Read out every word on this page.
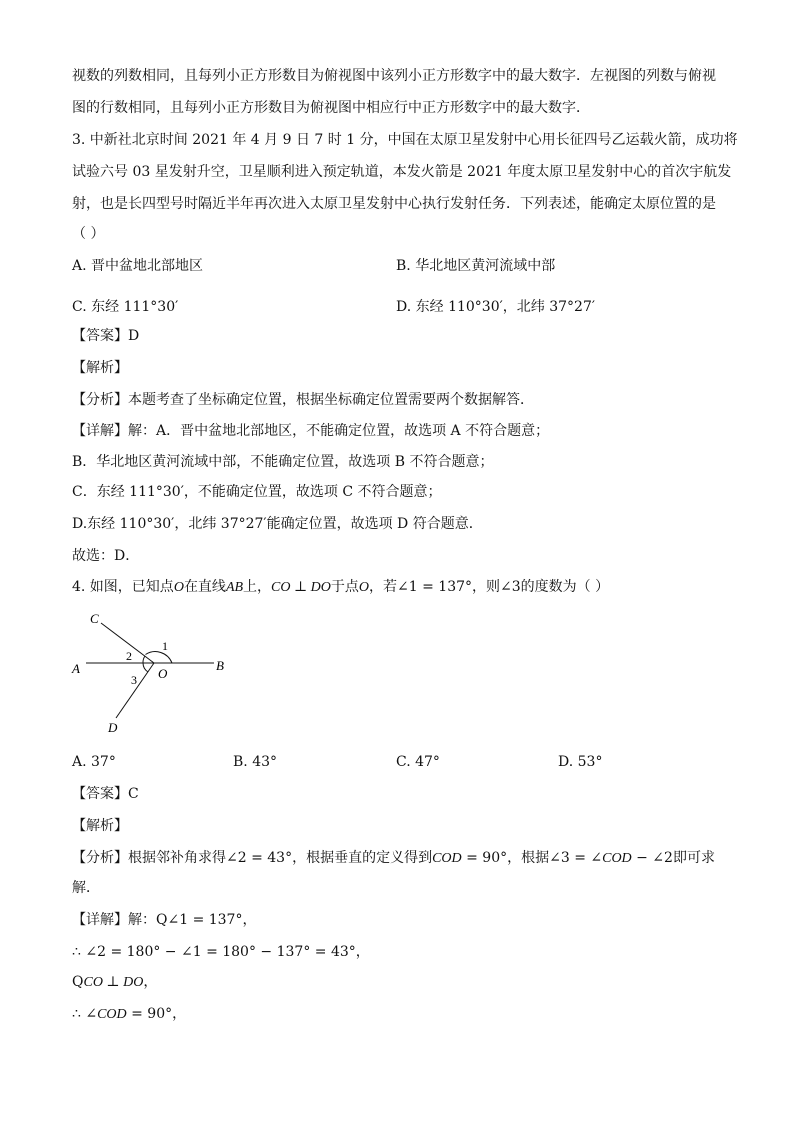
视数的列数相同，且每列小正方形数目为俯视图中该列小正方形数字中的最大数字．左视图的列数与俯视
图的行数相同，且每列小正方形数目为俯视图中相应行中正方形数字中的最大数字．
3. 中新社北京时间 2021 年 4 月 9 日 7 时 1 分，中国在太原卫星发射中心用长征四号乙运载火箭，成功将
试验六号 03 星发射升空，卫星顺利进入预定轨道，本发火箭是 2021 年度太原卫星发射中心的首次宇航发
射，也是长四型号时隔近半年再次进入太原卫星发射中心执行发射任务．下列表述，能确定太原位置的是
（ ）
A. 晋中盆地北部地区	B. 华北地区黄河流域中部
C. 东经 111°30′	D. 东经 110°30′，北纬 37°27′
【答案】D
【解析】
【分析】本题考查了坐标确定位置，根据坐标确定位置需要两个数据解答．
【详解】解：A．晋中盆地北部地区，不能确定位置，故选项 A 不符合题意；
B．华北地区黄河流域中部，不能确定位置，故选项 B 不符合题意；
C．东经 111°30′，不能确定位置，故选项 C 不符合题意；
D.东经 110°30′，北纬 37°27′能确定位置，故选项 D 符合题意．
故选：D．
4. 如图，已知点O在直线AB上，CO ⊥ DO于点O，若∠1 = 137°，则∠3的度数为（ ）
C
A	B
O
D
1
2
3
A. 37°	B. 43°	C. 47°	D. 53°
【答案】C
【解析】
【分析】根据邻补角求得∠2 = 43°，根据垂直的定义得到COD = 90°，根据∠3 = ∠COD − ∠2即可求
解．
【详解】解：Q∠1 = 137°，
∴ ∠2 = 180° − ∠1 = 180° − 137° = 43°，
QCO ⊥ DO，
∴ ∠COD = 90°，
